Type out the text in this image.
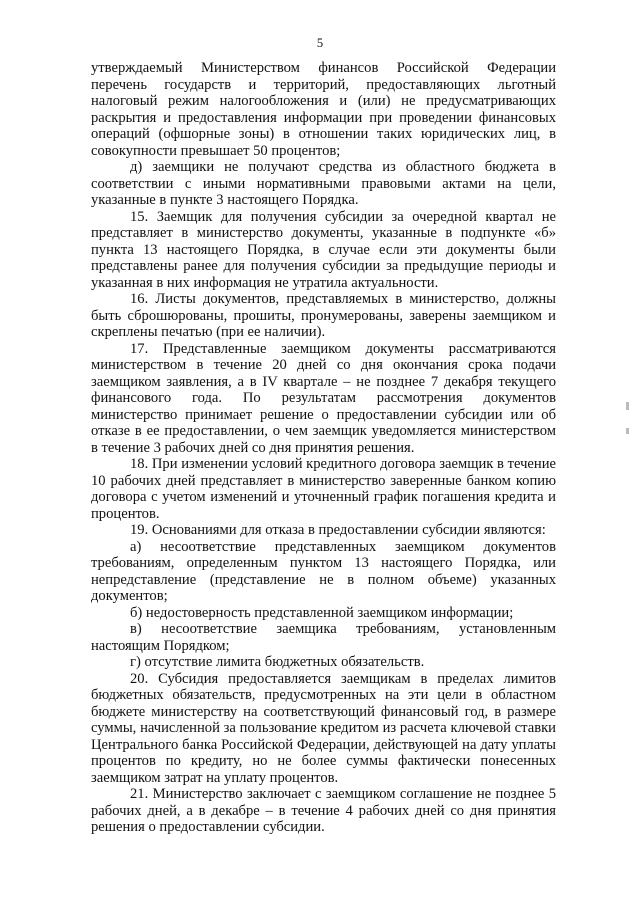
5

утверждаемый Министерством финансов Российской Федерации перечень государств и территорий, предоставляющих льготный налоговый режим налогообложения и (или) не предусматривающих раскрытия и предоставления информации при проведении финансовых операций (офшорные зоны) в отношении таких юридических лиц, в совокупности превышает 50 процентов;

д) заемщики не получают средства из областного бюджета в соответствии с иными нормативными правовыми актами на цели, указанные в пункте 3 настоящего Порядка.

15. Заемщик для получения субсидии за очередной квартал не представляет в министерство документы, указанные в подпункте «б» пункта 13 настоящего Порядка, в случае если эти документы были представлены ранее для получения субсидии за предыдущие периоды и указанная в них информация не утратила актуальности.

16. Листы документов, представляемых в министерство, должны быть сброшюрованы, прошиты, пронумерованы, заверены заемщиком и скреплены печатью (при ее наличии).

17. Представленные заемщиком документы рассматриваются министерством в течение 20 дней со дня окончания срока подачи заемщиком заявления, а в IV квартале – не позднее 7 декабря текущего финансового года. По результатам рассмотрения документов министерство принимает решение о предоставлении субсидии или об отказе в ее предоставлении, о чем заемщик уведомляется министерством в течение 3 рабочих дней со дня принятия решения.

18. При изменении условий кредитного договора заемщик в течение 10 рабочих дней представляет в министерство заверенные банком копию договора с учетом изменений и уточненный график погашения кредита и процентов.

19. Основаниями для отказа в предоставлении субсидии являются:

а) несоответствие представленных заемщиком документов требованиям, определенным пунктом 13 настоящего Порядка, или непредставление (представление не в полном объеме) указанных документов;

б) недостоверность представленной заемщиком информации;

в) несоответствие заемщика требованиям, установленным настоящим Порядком;

г) отсутствие лимита бюджетных обязательств.

20. Субсидия предоставляется заемщикам в пределах лимитов бюджетных обязательств, предусмотренных на эти цели в областном бюджете министерству на соответствующий финансовый год, в размере суммы, начисленной за пользование кредитом из расчета ключевой ставки Центрального банка Российской Федерации, действующей на дату уплаты процентов по кредиту, но не более суммы фактически понесенных заемщиком затрат на уплату процентов.

21. Министерство заключает с заемщиком соглашение не позднее 5 рабочих дней, а в декабре – в течение 4 рабочих дней со дня принятия решения о предоставлении субсидии.
